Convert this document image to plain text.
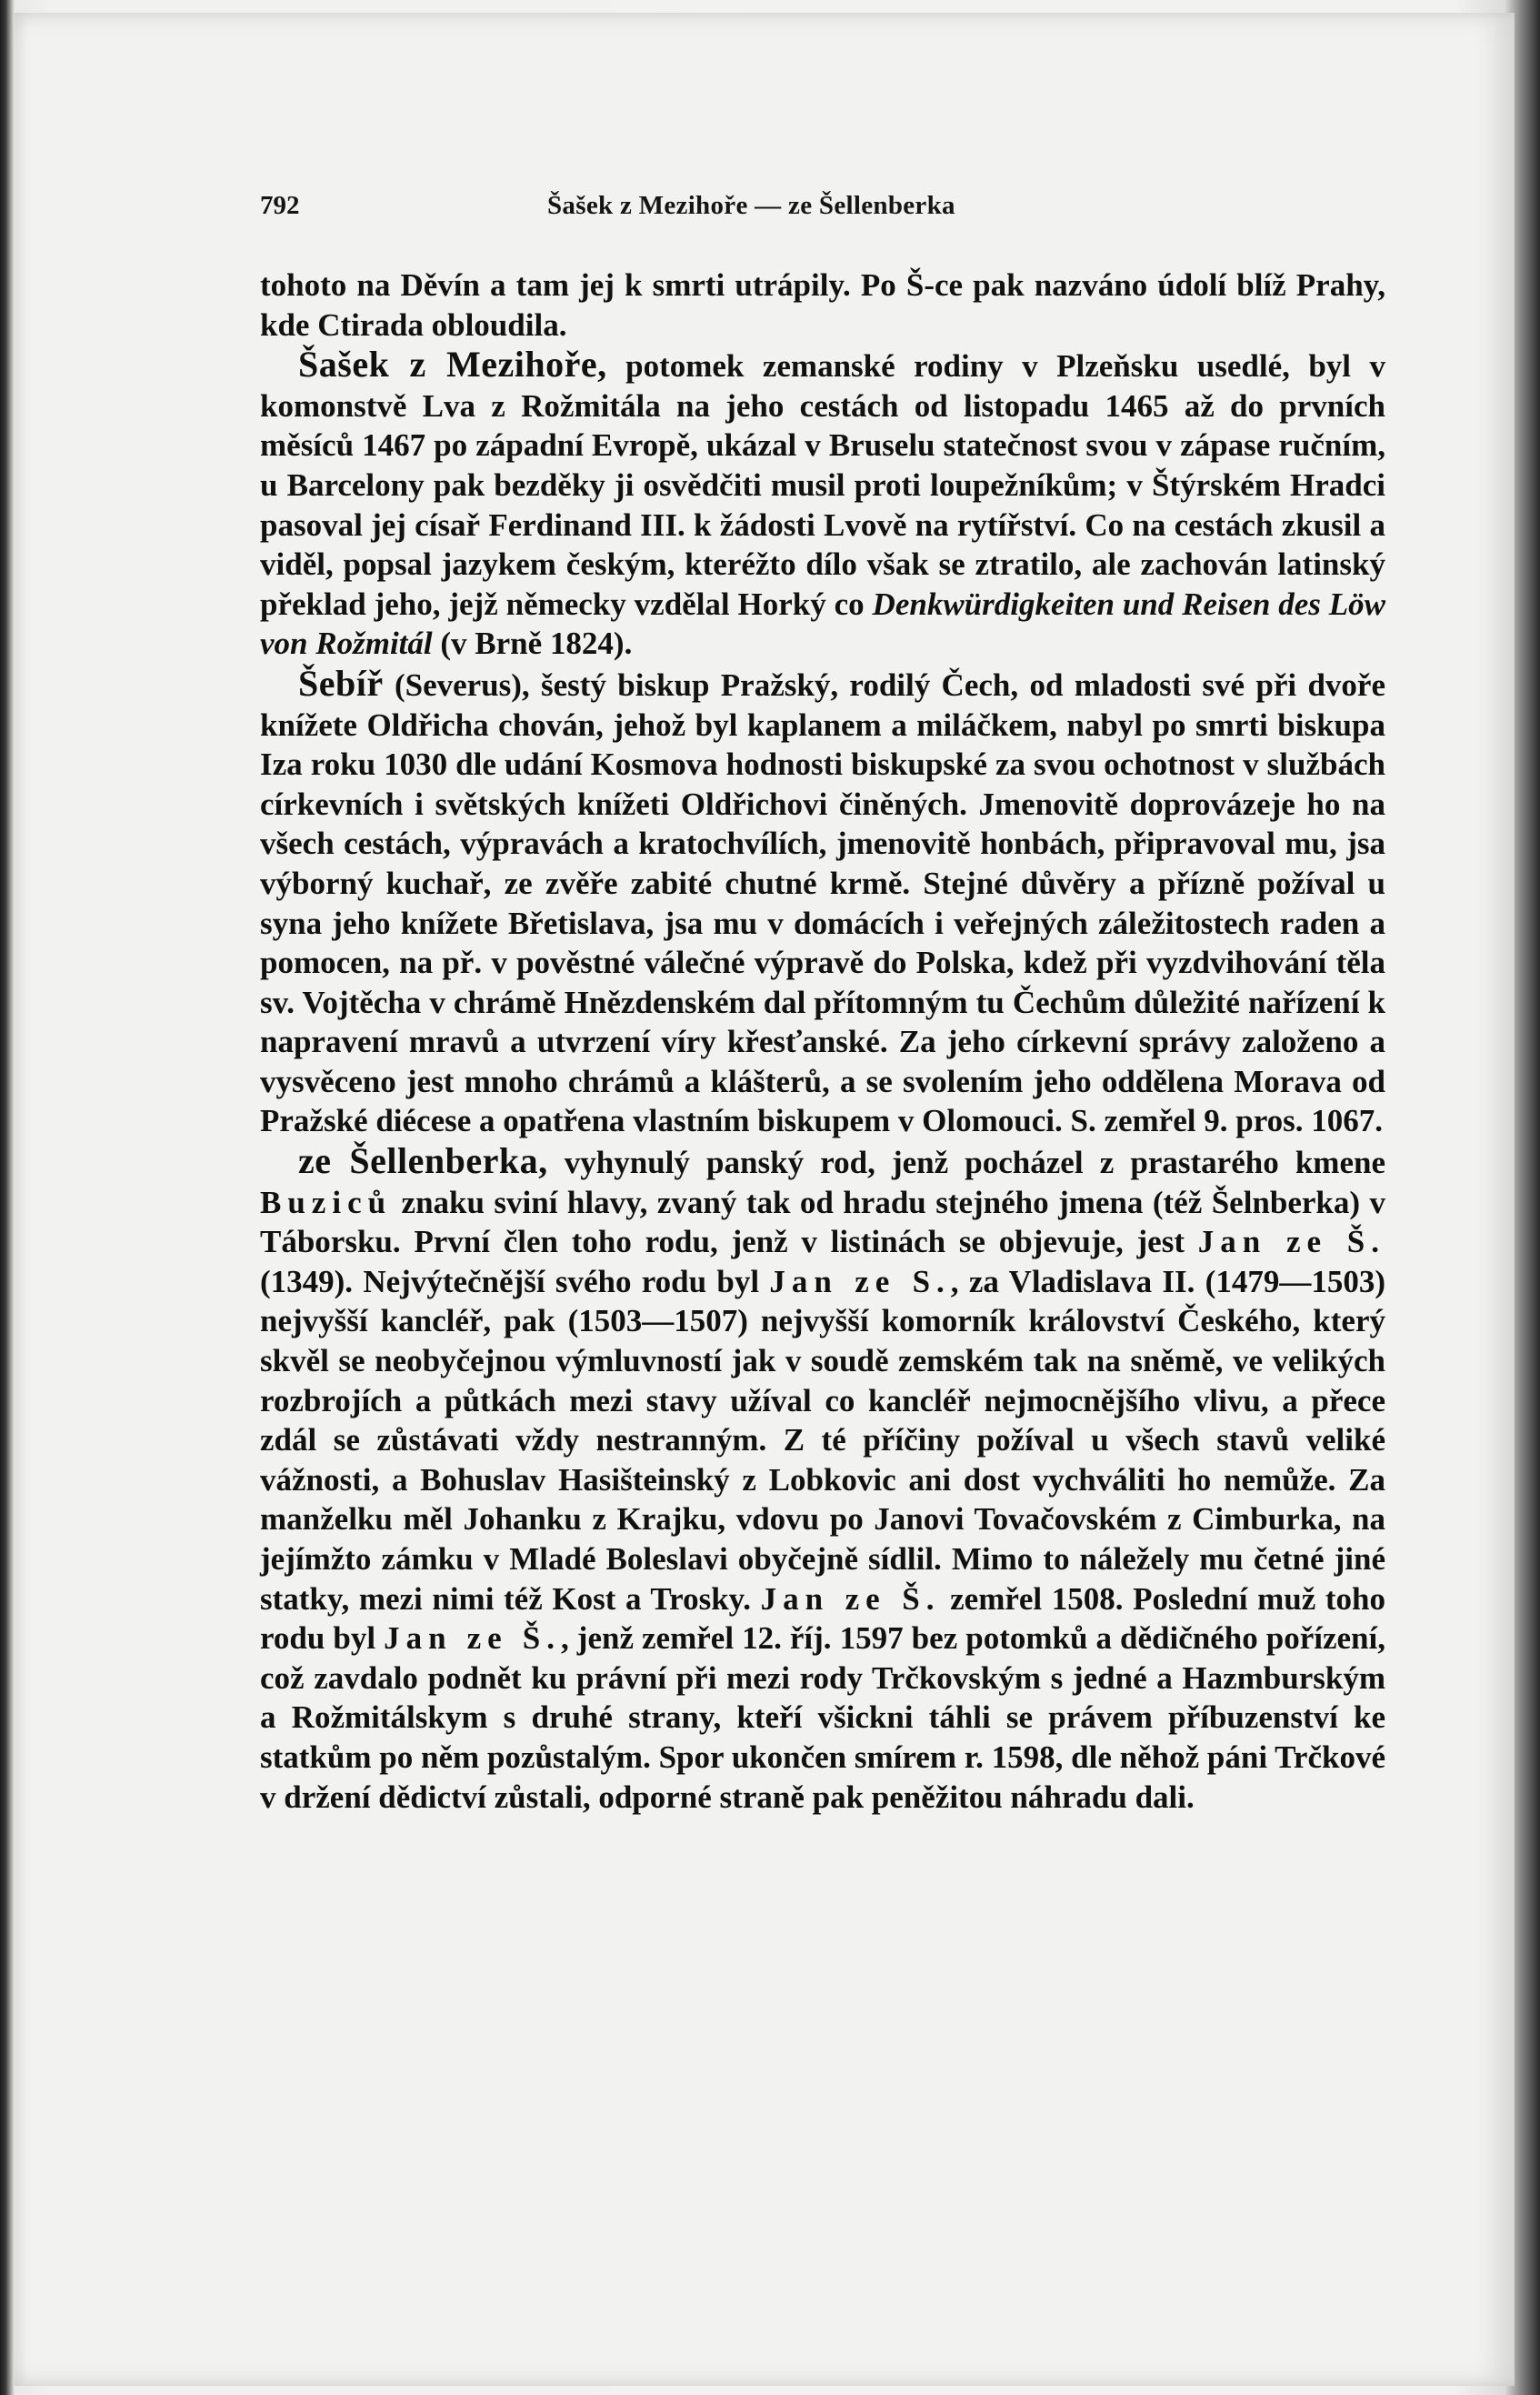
792	Šašek z Mezihoře — ze Šellenberka

tohoto na Děvín a tam jej k smrti utrápily. Po Š-ce pak nazváno údolí blíž Prahy, kde Ctirada obloudila.

Šašek z Mezihoře, potomek zemanské rodiny v Plzeňsku usedlé, byl v komonstvě Lva z Rožmitála na jeho cestách od listopadu 1465 až do prvních měsíců 1467 po západní Evropě, ukázal v Bruselu statečnost svou v zápase ručním, u Barcelony pak bezděky ji osvědčiti musil proti loupežníkům; v Štýrském Hradci pasoval jej císař Ferdinand III. k žádosti Lvově na rytířství. Co na cestách zkusil a viděl, popsal jazykem českým, kteréžto dílo však se ztratilo, ale zachován latinský překlad jeho, jejž německy vzdělal Horký co Denkwürdigkeiten und Reisen des Löw von Rožmitál (v Brně 1824).

Šebíř (Severus), šestý biskup Pražský, rodilý Čech, od mladosti své při dvoře knížete Oldřicha chován, jehož byl kaplanem a miláčkem, nabyl po smrti biskupa Iza roku 1030 dle udání Kosmova hodnosti biskupské za svou ochotnost v službách církevních i světských knížeti Oldřichovi činěných. Jmenovitě doprovázeje ho na všech cestách, výpravách a kratochvílích, jmenovitě honbách, připravoval mu, jsa výborný kuchař, ze zvěře zabité chutné krmě. Stejné důvěry a přízně požíval u syna jeho knížete Břetislava, jsa mu v domácích i veřejných záležitostech raden a pomocen, na př. v pověstné válečné výpravě do Polska, kdež při vyzdvihování těla sv. Vojtěcha v chrámě Hnězdenském dal přítomným tu Čechům důležité nařízení k napravení mravů a utvrzení víry křesťanské. Za jeho církevní správy založeno a vysvěceno jest mnoho chrámů a klášterů, a se svolením jeho oddělena Morava od Pražské diécese a opatřena vlastním biskupem v Olomouci. S. zemřel 9. pros. 1067.

ze Šellenberka, vyhynulý panský rod, jenž pocházel z prastarého kmene Buziců znaku sviní hlavy, zvaný tak od hradu stejného jmena (též Šelnberka) v Táborsku. První člen toho rodu, jenž v listinách se objevuje, jest Jan ze Š. (1349). Nejvýtečnější svého rodu byl Jan ze S., za Vladislava II. (1479—1503) nejvyšší kancléř, pak (1503—1507) nejvyšší komorník království Českého, který skvěl se neobyčejnou výmluvností jak v soudě zemském tak na sněmě, ve velikých rozbrojích a půtkách mezi stavy užíval co kancléř nejmocnějšího vlivu, a přece zdál se zůstávati vždy nestranným. Z té příčiny požíval u všech stavů veliké vážnosti, a Bohuslav Hasišteinský z Lobkovic ani dost vychváliti ho nemůže. Za manželku měl Johanku z Krajku, vdovu po Janovi Tovačovském z Cimburka, na jejímžto zámku v Mladé Boleslavi obyčejně sídlil. Mimo to náležely mu četné jiné statky, mezi nimi též Kost a Trosky. Jan ze Š. zemřel 1508. Poslední muž toho rodu byl Jan ze Š., jenž zemřel 12. říj. 1597 bez potomků a dědičného pořízení, což zavdalo podnět ku právní při mezi rody Trčkovským s jedné a Hazmburským a Rožmitálskym s druhé strany, kteří všickni táhli se právem příbuzenství ke statkům po něm pozůstalým. Spor ukončen smírem r. 1598, dle něhož páni Trčkové v držení dědictví zůstali, odporné straně pak peněžitou náhradu dali.
